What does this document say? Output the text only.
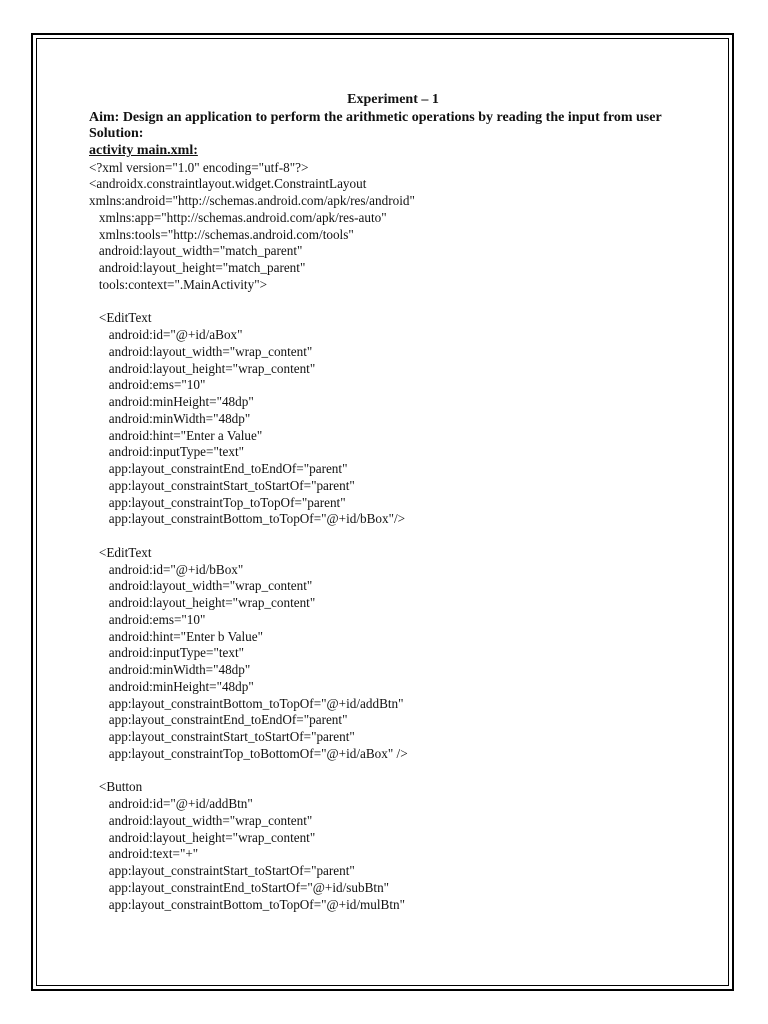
Experiment – 1

Aim: Design an application to perform the arithmetic operations by reading the input from user

Solution:

activity main.xml:

<?xml version="1.0" encoding="utf-8"?>
<androidx.constraintlayout.widget.ConstraintLayout
xmlns:android="http://schemas.android.com/apk/res/android"
xmlns:app="http://schemas.android.com/apk/res-auto"
xmlns:tools="http://schemas.android.com/tools"
android:layout_width="match_parent"
android:layout_height="match_parent"
tools:context=".MainActivity">
<EditText
android:id="@+id/aBox"
android:layout_width="wrap_content"
android:layout_height="wrap_content"
android:ems="10"
android:minHeight="48dp"
android:minWidth="48dp"
android:hint="Enter a Value"
android:inputType="text"
app:layout_constraintEnd_toEndOf="parent"
app:layout_constraintStart_toStartOf="parent"
app:layout_constraintTop_toTopOf="parent"
app:layout_constraintBottom_toTopOf="@+id/bBox"/>
<EditText
android:id="@+id/bBox"
android:layout_width="wrap_content"
android:layout_height="wrap_content"
android:ems="10"
android:hint="Enter b Value"
android:inputType="text"
android:minWidth="48dp"
android:minHeight="48dp"
app:layout_constraintBottom_toTopOf="@+id/addBtn"
app:layout_constraintEnd_toEndOf="parent"
app:layout_constraintStart_toStartOf="parent"
app:layout_constraintTop_toBottomOf="@+id/aBox" />
<Button
android:id="@+id/addBtn"
android:layout_width="wrap_content"
android:layout_height="wrap_content"
android:text="+"
app:layout_constraintStart_toStartOf="parent"
app:layout_constraintEnd_toStartOf="@+id/subBtn"
app:layout_constraintBottom_toTopOf="@+id/mulBtn"
